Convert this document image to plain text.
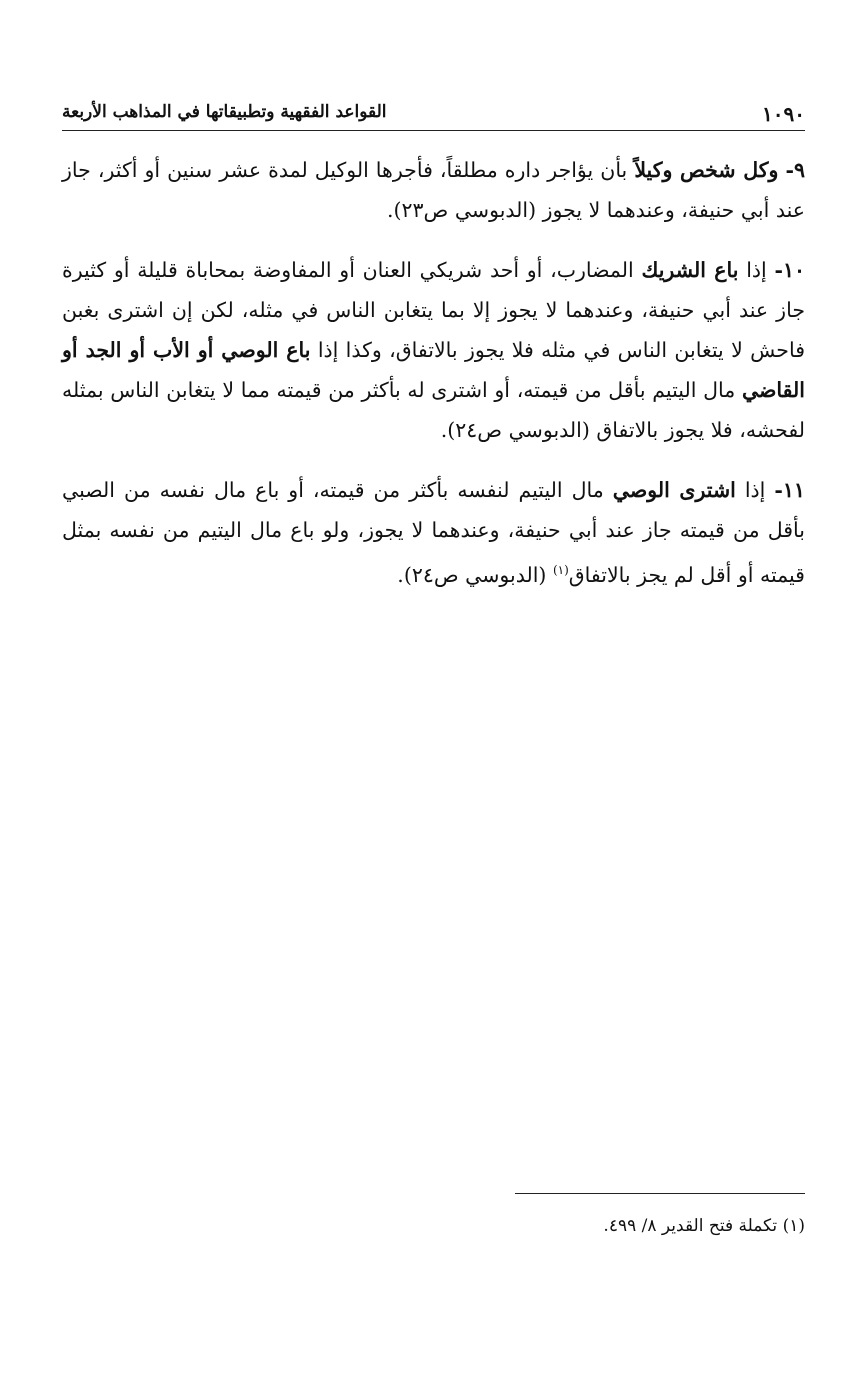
١٠٩٠
القواعد الفقهية وتطبيقاتها في المذاهب الأربعة

٩- وكل شخص وكيلاً بأن يؤاجر داره مطلقاً، فأجرها الوكيل لمدة عشر سنين أو أكثر، جاز عند أبي حنيفة، وعندهما لا يجوز (الدبوسي ص٢٣).

١٠- إذا باع الشريك المضارب، أو أحد شريكي العنان أو المفاوضة بمحاباة قليلة أو كثيرة جاز عند أبي حنيفة، وعندهما لا يجوز إلا بما يتغابن الناس في مثله، لكن إن اشترى بغبن فاحش لا يتغابن الناس في مثله فلا يجوز بالاتفاق، وكذا إذا باع الوصي أو الأب أو الجد أو القاضي مال اليتيم بأقل من قيمته، أو اشترى له بأكثر من قيمته مما لا يتغابن الناس بمثله لفحشه، فلا يجوز بالاتفاق (الدبوسي ص٢٤).

١١- إذا اشترى الوصي مال اليتيم لنفسه بأكثر من قيمته، أو باع مال نفسه من الصبي بأقل من قيمته جاز عند أبي حنيفة، وعندهما لا يجوز، ولو باع مال اليتيم من نفسه بمثل قيمته أو أقل لم يجز بالاتفاق$^{(١)}$ (الدبوسي ص٢٤).

(١) تكملة فتح القدير ٨/ ٤٩٩.
